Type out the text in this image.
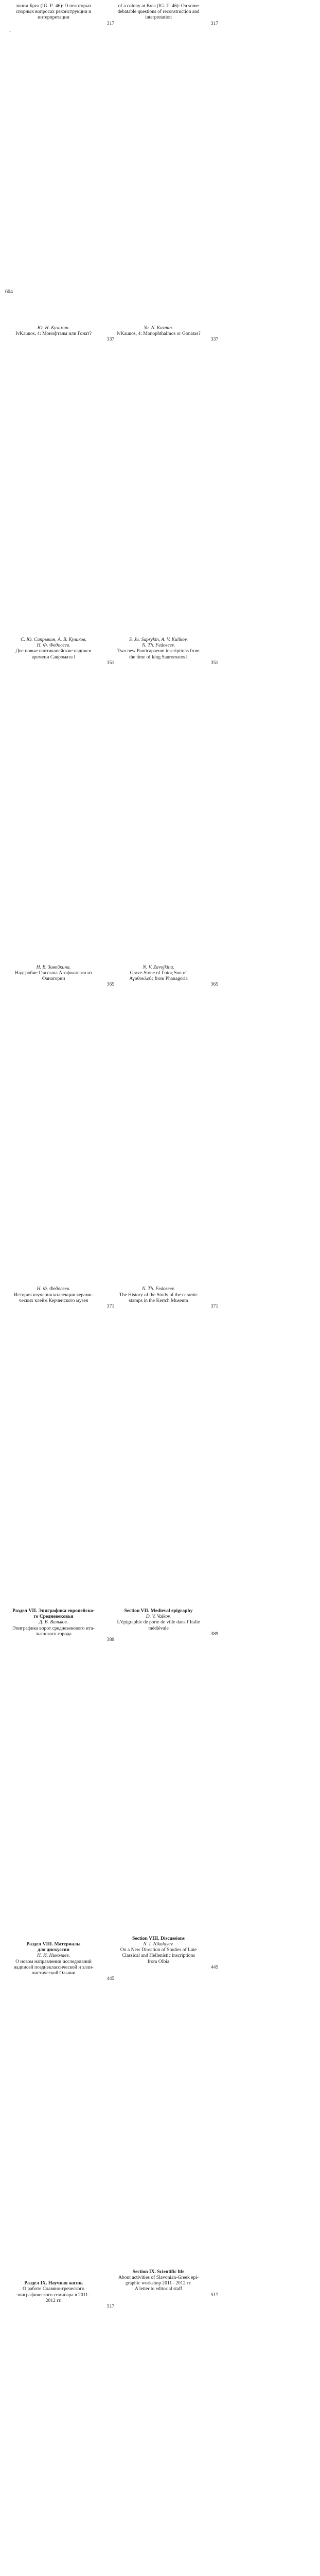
лонии Бреа (IG. I³. 46): О некоторых
спорных вопросах реконструкции и
интерпретации
317
Ю. Н. Кузьмин.
IvKaunos, 4: Монофталм или Гонат?
337
С. Ю. Сапрыкин, А. В. Куликов,
Н. Ф. Федосеев.
Две новые пантикапейские надписи
времени Савромата I
351
Н. В. Завойкина.
Надгробие Гая сына Агофоклевса из
Фанагории
365
Н. Ф. Федосеев.
История изучения коллекции керами-
ческих клейм Керченского музея
371
Раздел VII. Эпиграфика европейско-
го Средневековья
Д. В. Вальков.
Эпиграфика ворот средневекового ита-
льянского города
389
Раздел VIII. Материалы
для дискуссии
Н. И. Николаев.
О новом направлении исследований
надписей позднеклассической и элли-
нистической Ольвии
445
Раздел IX. Научная жизнь
О работе Славяно-греческого
эпиграфического семинара в 2011–
2012 гг.
517
of a colony at Brea (IG. I³. 46): On some
debatable questions of reconstruction and
interpretation
317
Yu. N. Kuzmin.
IvKaunos, 4: Monophthalmos or Gonatas?
337
S. Ju. Saprykin, A. V. Kulikov,
N. Th. Fedoseev.
Two new Panticapaeum inscriptions from
the time of king Sauromates I
351
N. V. Zavojkina.
Grave-Stone of Γαίος Son of
Αγαθοκλεύς from Phanagoria
365
N. Th. Fedoseev.
The History of the Study of the ceramic
stamps in the Kertch Museum
371
Section VII. Medieval epigraphy
D. V. Valkov.
L’épigraphie de porte de ville dans l’Italie
médiévale
389
Section VIII. Discussions
N. I. Nikolayev.
On a New Direction of Studies of Late
Classical and Hellenistic inscriptions
from Olbia
445
Section IX. Scientific life
About activities of Slavonian-Greek epi-
graphic workshop 2011– 2012 гг.
A letter to editorial staff
517
~
604
